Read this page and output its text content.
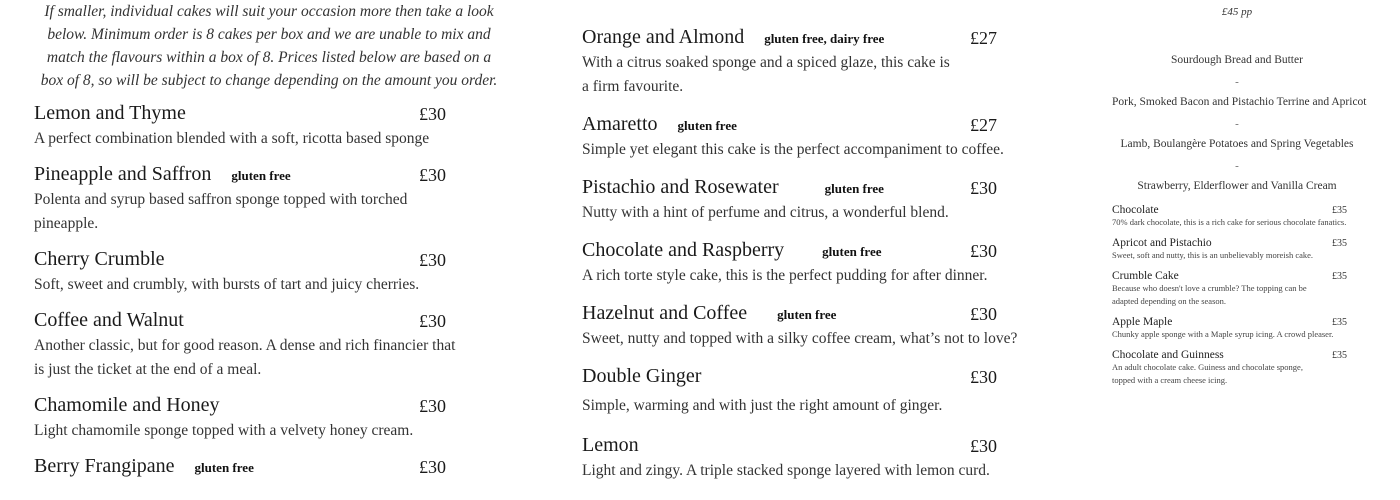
If smaller, individual cakes will suit your occasion more then take a look below. Minimum order is 8 cakes per box and we are unable to mix and match the flavours within a box of 8. Prices listed below are based on a box of 8, so will be subject to change depending on the amount you order.

Lemon and Thyme	£30
A perfect combination blended with a soft, ricotta based sponge
Pineapple and Saffron gluten free	£30
Polenta and syrup based saffron sponge topped with torched pineapple.
Cherry Crumble	£30
Soft, sweet and crumbly, with bursts of tart and juicy cherries.
Coffee and Walnut	£30
Another classic, but for good reason. A dense and rich financier that is just the ticket at the end of a meal.
Chamomile and Honey	£30
Light chamomile sponge topped with a velvety honey cream.
Berry Frangipane gluten free	£30
Orange and Almond gluten free, dairy free	£27
With a citrus soaked sponge and a spiced glaze, this cake is a firm favourite.
Amaretto gluten free	£27
Simple yet elegant this cake is the perfect accompaniment to coffee.
Pistachio and Rosewater	gluten free	£30
Nutty with a hint of perfume and citrus, a wonderful blend.
Chocolate and Raspberry	gluten free	£30
A rich torte style cake, this is the perfect pudding for after dinner.
Hazelnut and Coffee gluten free	£30
Sweet, nutty and topped with a silky coffee cream, what’s not to love?
Double Ginger	£30
Simple, warming and with just the right amount of ginger.
Lemon	£30
Light and zingy. A triple stacked sponge layered with lemon curd.
£45 pp
Sourdough Bread and Butter
-
Pork, Smoked Bacon and Pistachio Terrine and Apricot
-
Lamb, Boulangère Potatoes and Spring Vegetables
-
Strawberry, Elderflower and Vanilla Cream
Chocolate	£35
70% dark chocolate, this is a rich cake for serious chocolate fanatics.
Apricot and Pistachio	£35
Sweet, soft and nutty, this is an unbelievably moreish cake.
Crumble Cake	£35
Because who doesn't love a crumble? The topping can be adapted depending on the season.
Apple Maple	£35
Chunky apple sponge with a Maple syrup icing. A crowd pleaser.
Chocolate and Guinness	£35
An adult chocolate cake. Guiness and chocolate sponge, topped with a cream cheese icing.
